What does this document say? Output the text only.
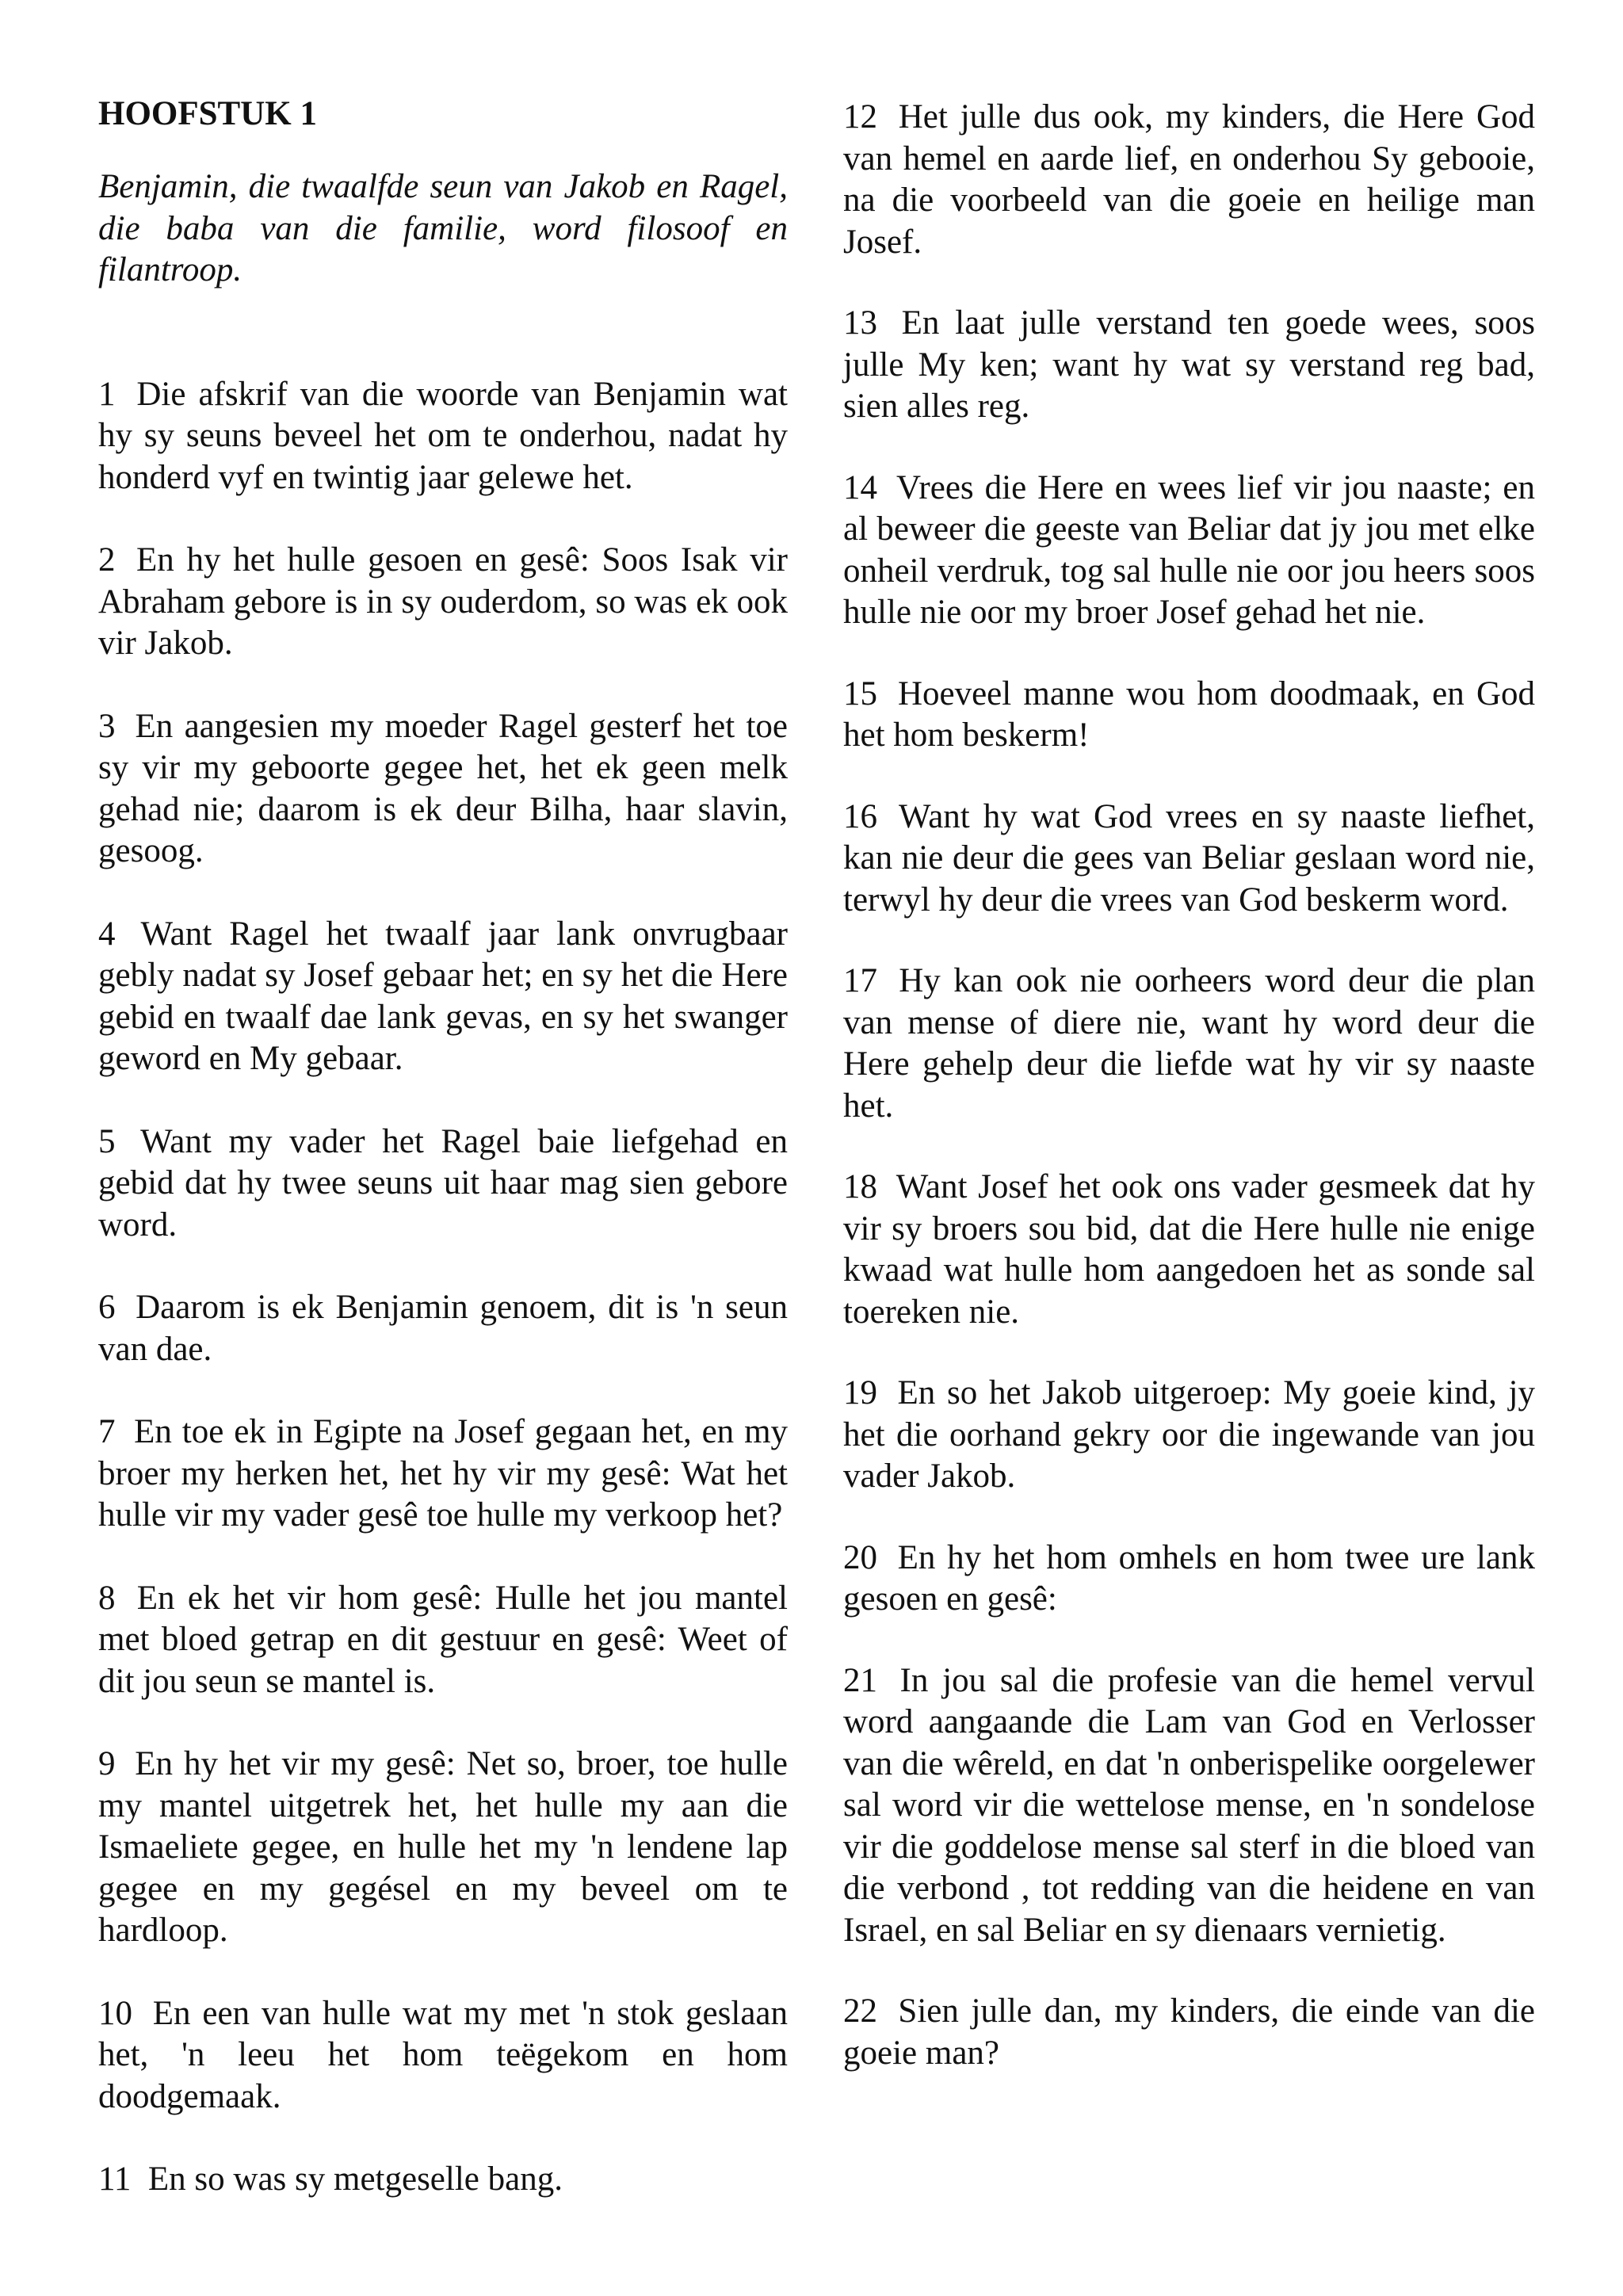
HOOFSTUK 1
Benjamin, die twaalfde seun van Jakob en Ragel, die baba van die familie, word filosoof en filantroop.
1 Die afskrif van die woorde van Benjamin wat hy sy seuns beveel het om te onderhou, nadat hy honderd vyf en twintig jaar gelewe het.
2 En hy het hulle gesoen en gesê: Soos Isak vir Abraham gebore is in sy ouderdom, so was ek ook vir Jakob.
3 En aangesien my moeder Ragel gesterf het toe sy vir my geboorte gegee het, het ek geen melk gehad nie; daarom is ek deur Bilha, haar slavin, gesoog.
4 Want Ragel het twaalf jaar lank onvrugbaar gebly nadat sy Josef gebaar het; en sy het die Here gebid en twaalf dae lank gevas, en sy het swanger geword en My gebaar.
5 Want my vader het Ragel baie liefgehad en gebid dat hy twee seuns uit haar mag sien gebore word.
6 Daarom is ek Benjamin genoem, dit is 'n seun van dae.
7 En toe ek in Egipte na Josef gegaan het, en my broer my herken het, het hy vir my gesê: Wat het hulle vir my vader gesê toe hulle my verkoop het?
8 En ek het vir hom gesê: Hulle het jou mantel met bloed getrap en dit gestuur en gesê: Weet of dit jou seun se mantel is.
9 En hy het vir my gesê: Net so, broer, toe hulle my mantel uitgetrek het, het hulle my aan die Ismaeliete gegee, en hulle het my 'n lendene lap gegee en my gegésel en my beveel om te hardloop.
10 En een van hulle wat my met 'n stok geslaan het, 'n leeu het hom teëgekom en hom doodgemaak.
11 En so was sy metgeselle bang.
12 Het julle dus ook, my kinders, die Here God van hemel en aarde lief, en onderhou Sy gebooie, na die voorbeeld van die goeie en heilige man Josef.
13 En laat julle verstand ten goede wees, soos julle My ken; want hy wat sy verstand reg bad, sien alles reg.
14 Vrees die Here en wees lief vir jou naaste; en al beweer die geeste van Beliar dat jy jou met elke onheil verdruk, tog sal hulle nie oor jou heers soos hulle nie oor my broer Josef gehad het nie.
15 Hoeveel manne wou hom doodmaak, en God het hom beskerm!
16 Want hy wat God vrees en sy naaste liefhet, kan nie deur die gees van Beliar geslaan word nie, terwyl hy deur die vrees van God beskerm word.
17 Hy kan ook nie oorheers word deur die plan van mense of diere nie, want hy word deur die Here gehelp deur die liefde wat hy vir sy naaste het.
18 Want Josef het ook ons vader gesmeek dat hy vir sy broers sou bid, dat die Here hulle nie enige kwaad wat hulle hom aangedoen het as sonde sal toereken nie.
19 En so het Jakob uitgeroep: My goeie kind, jy het die oorhand gekry oor die ingewande van jou vader Jakob.
20 En hy het hom omhels en hom twee ure lank gesoen en gesê:
21 In jou sal die profesie van die hemel vervul word aangaande die Lam van God en Verlosser van die wêreld, en dat 'n onberispelike oorgelewer sal word vir die wettelose mense, en 'n sondelose vir die goddelose mense sal sterf in die bloed van die verbond , tot redding van die heidene en van Israel, en sal Beliar en sy dienaars vernietig.
22 Sien julle dan, my kinders, die einde van die goeie man?
